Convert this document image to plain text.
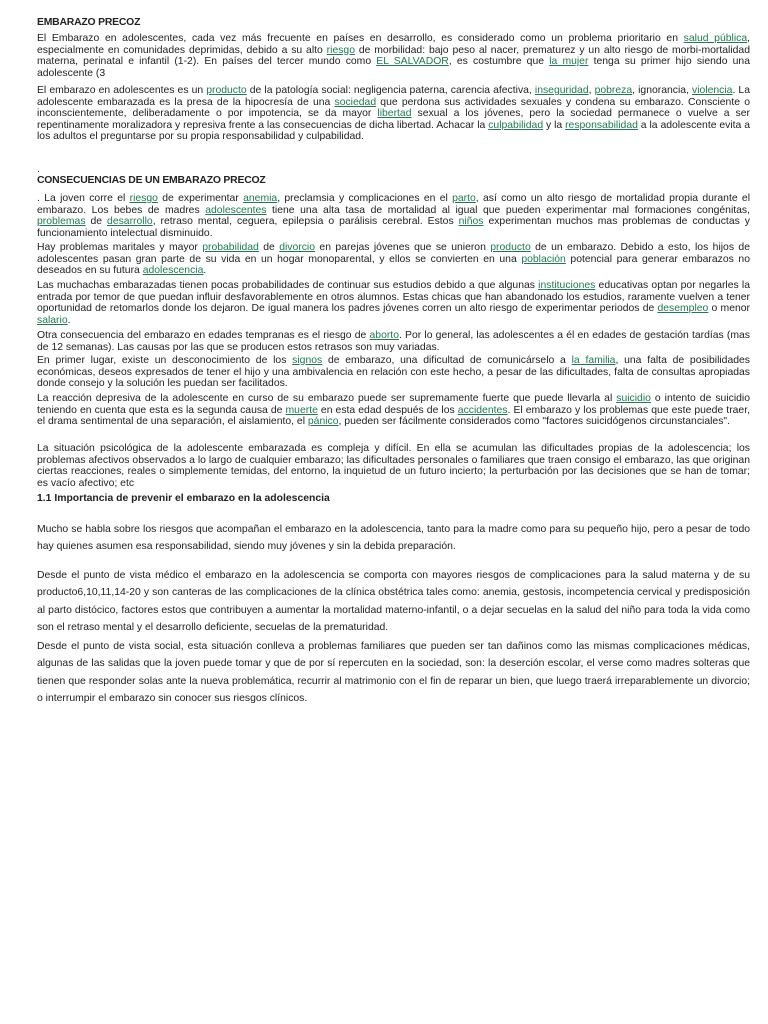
EMBARAZO PRECOZ

El Embarazo en adolescentes, cada vez más frecuente en países en desarrollo, es considerado como un problema prioritario en salud pública, especialmente en comunidades deprimidas, debido a su alto riesgo de morbilidad: bajo peso al nacer, prematurez y un alto riesgo de morbi-mortalidad materna, perinatal e infantil (1-2). En países del tercer mundo como EL SALVADOR, es costumbre que la mujer tenga su primer hijo siendo una adolescente (3

El embarazo en adolescentes es un producto de la patología social: negligencia paterna, carencia afectiva, inseguridad, pobreza, ignorancia, violencia. La adolescente embarazada es la presa de la hipocresía de una sociedad que perdona sus actividades sexuales y condena su embarazo. Consciente o inconscientemente, deliberadamente o por impotencia, se da mayor libertad sexual a los jóvenes, pero la sociedad permanece o vuelve a ser repentinamente moralizadora y represiva frente a las consecuencias de dicha libertad. Achacar la culpabilidad y la responsabilidad a la adolescente evita a los adultos el preguntarse por su propia responsabilidad y culpabilidad.

.

CONSECUENCIAS DE UN EMBARAZO PRECOZ

. La joven corre el riesgo de experimentar anemia, preclamsia y complicaciones en el parto, así como un alto riesgo de mortalidad propia durante el embarazo. Los bebes de madres adolescentes tiene una alta tasa de mortalidad al igual que pueden experimentar mal formaciones congénitas, problemas de desarrollo, retraso mental, ceguera, epilepsia o parálisis cerebral. Estos niños experimentan muchos mas problemas de conductas y funcionamiento intelectual disminuido.

Hay problemas maritales y mayor probabilidad de divorcio en parejas jóvenes que se unieron producto de un embarazo. Debido a esto, los hijos de adolescentes pasan gran parte de su vida en un hogar monoparental, y ellos se convierten en una población potencial para generar embarazos no deseados en su futura adolescencia.

Las muchachas embarazadas tienen pocas probabilidades de continuar sus estudios debido a que algunas instituciones educativas optan por negarles la entrada por temor de que puedan influir desfavorablemente en otros alumnos. Estas chicas que han abandonado los estudios, raramente vuelven a tener oportunidad de retomarlos donde los dejaron. De igual manera los padres jóvenes corren un alto riesgo de experimentar periodos de desempleo o menor salario.

Otra consecuencia del embarazo en edades tempranas es el riesgo de aborto. Por lo general, las adolescentes a él en edades de gestación tardías (mas de 12 semanas). Las causas por las que se producen estos retrasos son muy variadas.

En primer lugar, existe un desconocimiento de los signos de embarazo, una dificultad de comunicárselo a la familia, una falta de posibilidades económicas, deseos expresados de tener el hijo y una ambivalencia en relación con este hecho, a pesar de las dificultades, falta de consultas apropiadas donde consejo y la solución les puedan ser facilitados.

La reacción depresiva de la adolescente en curso de su embarazo puede ser supremamente fuerte que puede llevarla al suicidio o intento de suicidio teniendo en cuenta que esta es la segunda causa de muerte en esta edad después de los accidentes. El embarazo y los problemas que este puede traer, el drama sentimental de una separación, el aislamiento, el pánico, pueden ser fácilmente considerados como "factores suicidógenos circunstanciales".

La situación psicológica de la adolescente embarazada es compleja y difícil. En ella se acumulan las dificultades propias de la adolescencia; los problemas afectivos observados a lo largo de cualquier embarazo; las dificultades personales o familiares que traen consigo el embarazo, las que originan ciertas reacciones, reales o simplemente temidas, del entorno, la inquietud de un futuro incierto; la perturbación por las decisiones que se han de tomar; es vacío afectivo; etc

1.1 Importancia de prevenir el embarazo en la adolescencia

Mucho se habla sobre los riesgos que acompañan el embarazo en la adolescencia, tanto para la madre como para su pequeño hijo, pero a pesar de todo hay quienes asumen esa responsabilidad, siendo muy jóvenes y sin la debida preparación.

Desde el punto de vista médico el embarazo en la adolescencia se comporta con mayores riesgos de complicaciones para la salud materna y de su producto6,10,11,14-20 y son canteras de las complicaciones de la clínica obstétrica tales como: anemia, gestosis, incompetencia cervical y predisposición al parto distócico, factores estos que contribuyen a aumentar la mortalidad materno-infantil, o a dejar secuelas en la salud del niño para toda la vida como son el retraso mental y el desarrollo deficiente, secuelas de la prematuridad.

Desde el punto de vista social, esta situación conlleva a problemas familiares que pueden ser tan dañinos como las mismas complicaciones médicas, algunas de las salidas que la joven puede tomar y que de por sí repercuten en la sociedad, son: la deserción escolar, el verse como madres solteras que tienen que responder solas ante la nueva problemática, recurrir al matrimonio con el fin de reparar un bien, que luego traerá irreparablemente un divorcio; o interrumpir el embarazo sin conocer sus riesgos clínicos.
